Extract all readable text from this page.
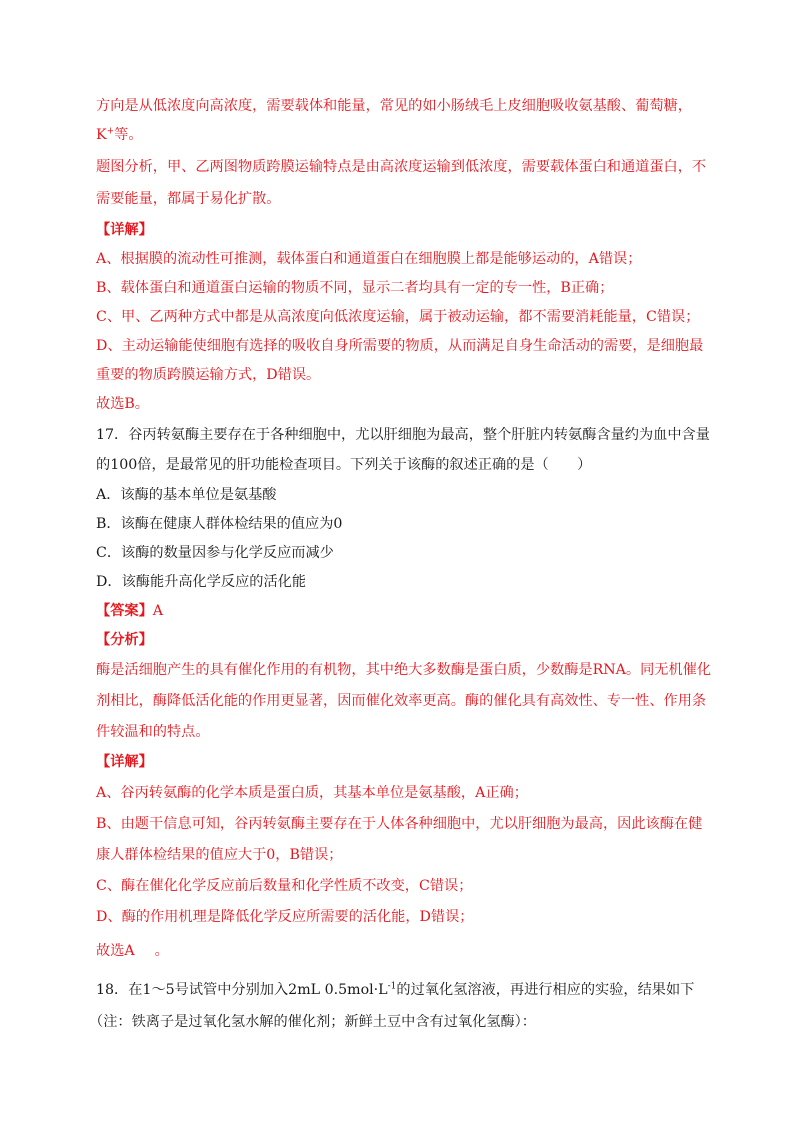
方向是从低浓度向高浓度，需要载体和能量，常见的如小肠绒毛上皮细胞吸收氨基酸、葡萄糖，
K+等。
题图分析，甲、乙两图物质跨膜运输特点是由高浓度运输到低浓度，需要载体蛋白和通道蛋白，不
需要能量，都属于易化扩散。
【详解】
A、根据膜的流动性可推测，载体蛋白和通道蛋白在细胞膜上都是能够运动的，A错误；
B、载体蛋白和通道蛋白运输的物质不同，显示二者均具有一定的专一性，B正确；
C、甲、乙两种方式中都是从高浓度向低浓度运输，属于被动运输，都不需要消耗能量，C错误；
D、主动运输能使细胞有选择的吸收自身所需要的物质，从而满足自身生命活动的需要，是细胞最
重要的物质跨膜运输方式，D错误。
故选B。
17．谷丙转氨酶主要存在于各种细胞中，尤以肝细胞为最高，整个肝脏内转氨酶含量约为血中含量
的100倍，是最常见的肝功能检查项目。下列关于该酶的叙述正确的是（　　）
A．该酶的基本单位是氨基酸
B．该酶在健康人群体检结果的值应为0
C．该酶的数量因参与化学反应而减少
D．该酶能升高化学反应的活化能
【答案】A
【分析】
酶是活细胞产生的具有催化作用的有机物，其中绝大多数酶是蛋白质，少数酶是RNA。同无机催化
剂相比，酶降低活化能的作用更显著，因而催化效率更高。酶的催化具有高效性、专一性、作用条
件较温和的特点。
【详解】
A、谷丙转氨酶的化学本质是蛋白质，其基本单位是氨基酸，A正确；
B、由题干信息可知，谷丙转氨酶主要存在于人体各种细胞中，尤以肝细胞为最高，因此该酶在健
康人群体检结果的值应大于0，B错误；
C、酶在催化化学反应前后数量和化学性质不改变，C错误；
D、酶的作用机理是降低化学反应所需要的活化能，D错误；
故选A 。
18．在1～5号试管中分别加入2mL $0.5mol\cdot L^{-1}$的过氧化氢溶液，再进行相应的实验，结果如下
（注：铁离子是过氧化氢水解的催化剂；新鲜土豆中含有过氧化氢酶）：
